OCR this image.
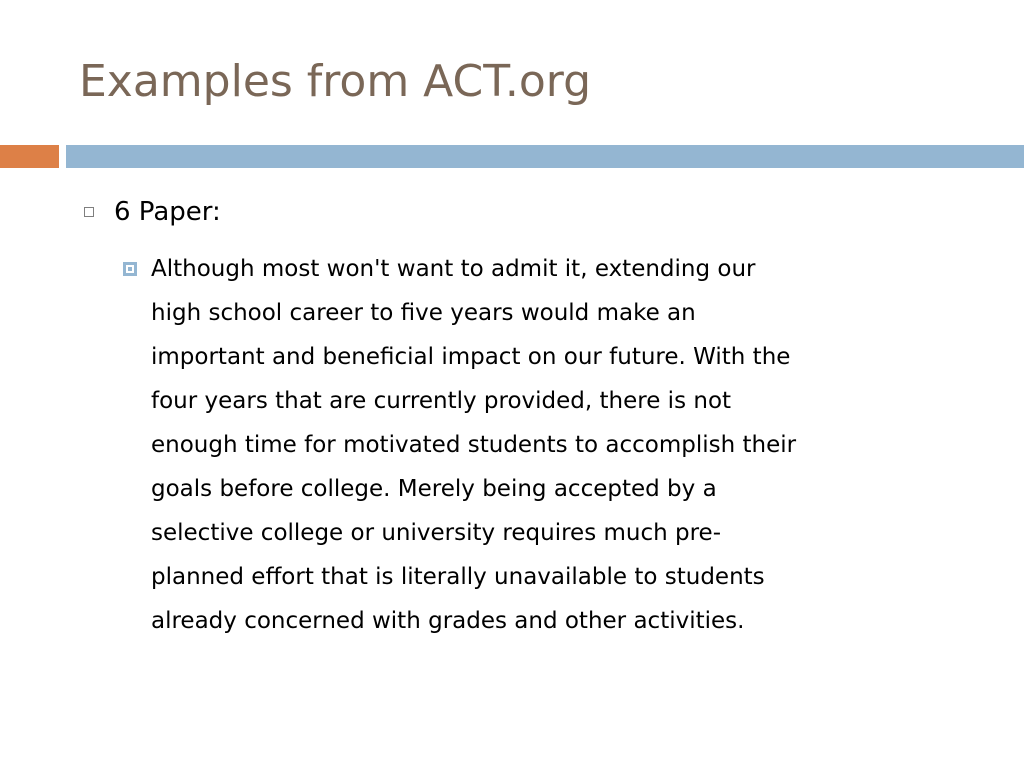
Examples from ACT.org
6 Paper:
Although most won't want to admit it, extending our
high school career to five years would make an
important and beneficial impact on our future. With the
four years that are currently provided, there is not
enough time for motivated students to accomplish their
goals before college. Merely being accepted by a
selective college or university requires much pre-
planned effort that is literally unavailable to students
already concerned with grades and other activities.
